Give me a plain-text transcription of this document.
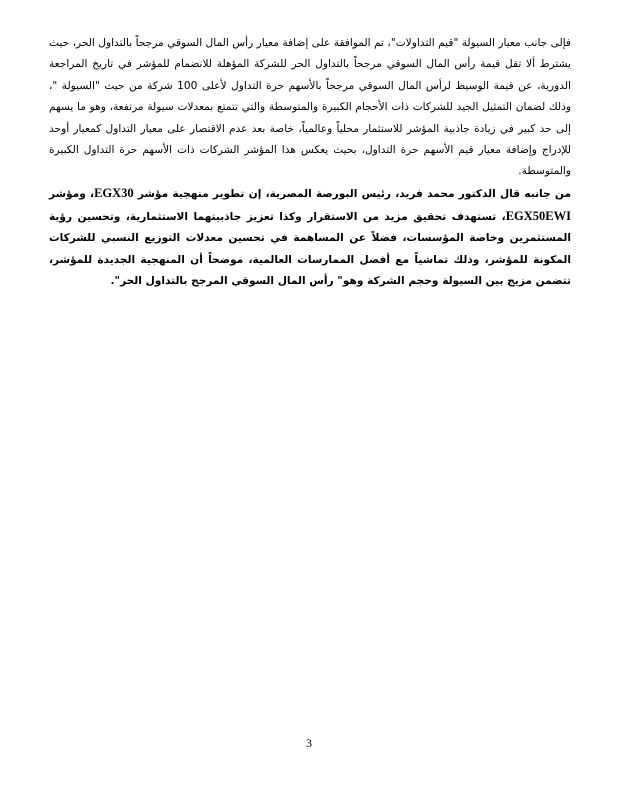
فإلى جانب معيار السيولة "قيم التداولات"، تم الموافقة على إضافة معيار رأس المال السوقي مرجحاً بالتداول الحر، حيث يشترط ألا تقل قيمة رأس المال السوقي مرجحاً بالتداول الحر للشركة المؤهلة للانضمام للمؤشر في تاريخ المراجعة الدورية، عن قيمة الوسيط لرأس المال السوقي مرجحاً بالأسهم حرة التداول لأعلى 100 شركة من حيث "السيولة "، وذلك لضمان التمثيل الجيد للشركات ذات الأحجام الكبيرة والمتوسطة والتي تتمتع بمعدلات سيولة مرتفعة، وهو ما يسهم إلى حد كبير في زيادة جاذبية المؤشر للاستثمار محلياً وعالمياً، خاصة بعد عدم الاقتصار على معيار التداول كمعيار أوحد للإدراج وإضافة معيار قيم الأسهم حرة التداول، بحيث يعكس هذا المؤشر الشركات ذات الأسهم حرة التداول الكبيرة والمتوسطة.

من جانبه قال الدكتور محمد فريد، رئيس البورصة المصرية، إن تطوير منهجية مؤشر EGX30، ومؤشر EGX50EWI، تستهدف تحقيق مزيد من الاستقرار وكذا تعزيز جاذبيتهما الاستثمارية، وتحسين رؤية المستثمرين وخاصة المؤسسات، فضلاً عن المساهمة في تحسين معدلات التوزيع النسبي للشركات المكونة للمؤشر، وذلك تماشياً مع أفضل الممارسات العالمية، موضحاً أن المنهجية الجديدة للمؤشر، تتضمن مزيج بين السيولة وحجم الشركة وهو" رأس المال السوقي المرجح بالتداول الحر".

3
